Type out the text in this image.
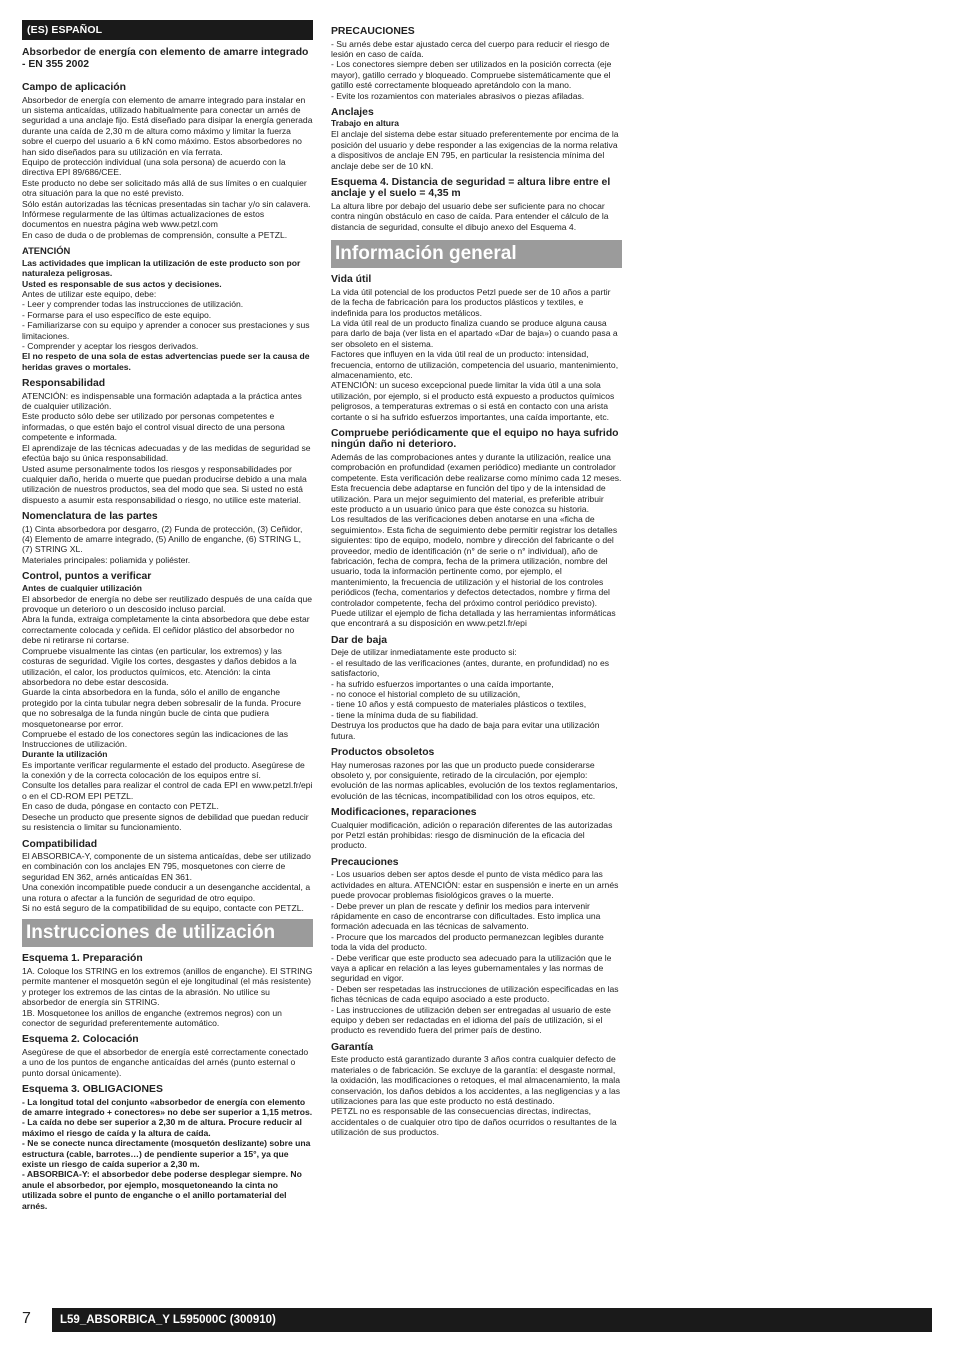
(ES) ESPAÑOL
Absorbedor de energía con elemento de amarre integrado - EN 355 2002
Campo de aplicación

Absorbedor de energía con elemento de amarre integrado para instalar en un sistema anticaídas, utilizado habitualmente para conectar un arnés de seguridad a una anclaje fijo. Está diseñado para disipar la energía generada durante una caída de 2,30 m de altura como máximo y limitar la fuerza sobre el cuerpo del usuario a 6 kN como máximo. Estos absorbedores no han sido diseñados para su utilización en vía ferrata.

Equipo de protección individual (una sola persona) de acuerdo con la directiva EPI 89/686/CEE.

Este producto no debe ser solicitado más allá de sus límites o en cualquier otra situación para la que no esté previsto.

Sólo están autorizadas las técnicas presentadas sin tachar y/o sin calavera. Infórmese regularmente de las últimas actualizaciones de estos documentos en nuestra página web www.petzl.com

En caso de duda o de problemas de comprensión, consulte a PETZL.

ATENCIÓN

Las actividades que implican la utilización de este producto son por naturaleza peligrosas.

Usted es responsable de sus actos y decisiones.

Antes de utilizar este equipo, debe:

- Leer y comprender todas las instrucciones de utilización.

- Formarse para el uso específico de este equipo.

- Familiarizarse con su equipo y aprender a conocer sus prestaciones y sus limitaciones.

- Comprender y aceptar los riesgos derivados.

El no respeto de una sola de estas advertencias puede ser la causa de heridas graves o mortales.

Responsabilidad

ATENCIÓN: es indispensable una formación adaptada a la práctica antes de cualquier utilización.

Este producto sólo debe ser utilizado por personas competentes e informadas, o que estén bajo el control visual directo de una persona competente e informada.

El aprendizaje de las técnicas adecuadas y de las medidas de seguridad se efectúa bajo su única responsabilidad.

Usted asume personalmente todos los riesgos y responsabilidades por cualquier daño, herida o muerte que puedan producirse debido a una mala utilización de nuestros productos, sea del modo que sea. Si usted no está dispuesto a asumir esta responsabilidad o riesgo, no utilice este material.

Nomenclatura de las partes

(1) Cinta absorbedora por desgarro, (2) Funda de protección, (3) Ceñidor, (4) Elemento de amarre integrado, (5) Anillo de enganche, (6) STRING L, (7) STRING XL.

Materiales principales: poliamida y poliéster.

Control, puntos a verificar
Antes de cualquier utilización

El absorbedor de energía no debe ser reutilizado después de una caída que provoque un deterioro o un descosido incluso parcial.

Abra la funda, extraiga completamente la cinta absorbedora que debe estar correctamente colocada y ceñida. El ceñidor plástico del absorbedor no debe ni retirarse ni cortarse.

Compruebe visualmente las cintas (en particular, los extremos) y las costuras de seguridad. Vigile los cortes, desgastes y daños debidos a la utilización, el calor, los productos químicos, etc. Atención: la cinta absorbedora no debe estar descosida.

Guarde la cinta absorbedora en la funda, sólo el anillo de enganche protegido por la cinta tubular negra deben sobresalir de la funda. Procure que no sobresalga de la funda ningún bucle de cinta que pudiera mosquetonearse por error.

Compruebe el estado de los conectores según las indicaciones de las Instrucciones de utilización.

Durante la utilización

Es importante verificar regularmente el estado del producto. Asegúrese de la conexión y de la correcta colocación de los equipos entre sí.

Consulte los detalles para realizar el control de cada EPI en www.petzl.fr/epi o en el CD-ROM EPI PETZL.

En caso de duda, póngase en contacto con PETZL.

Deseche un producto que presente signos de debilidad que puedan reducir su resistencia o limitar su funcionamiento.

Compatibilidad

El ABSORBICA-Y, componente de un sistema anticaídas, debe ser utilizado en combinación con los anclajes EN 795, mosquetones con cierre de seguridad EN 362, arnés anticaídas EN 361.

Una conexión incompatible puede conducir a un desenganche accidental, a una rotura o afectar a la función de seguridad de otro equipo.

Si no está seguro de la compatibilidad de su equipo, contacte con PETZL.

Instrucciones de utilización
Esquema 1. Preparación

1A. Coloque los STRING en los extremos (anillos de enganche). El STRING permite mantener el mosquetón según el eje longitudinal (el más resistente) y proteger los extremos de las cintas de la abrasión. No utilice su absorbedor de energía sin STRING.

1B. Mosquetonee los anillos de enganche (extremos negros) con un conector de seguridad preferentemente automático.

Esquema 2. Colocación

Asegúrese de que el absorbedor de energía esté correctamente conectado a uno de los puntos de enganche anticaídas del arnés (punto esternal o punto dorsal únicamente).

Esquema 3. OBLIGACIONES

- La longitud total del conjunto «absorbedor de energía con elemento de amarre integrado + conectores» no debe ser superior a 1,15 metros.

- La caída no debe ser superior a 2,30 m de altura. Procure reducir al máximo el riesgo de caída y la altura de caída.

- Ne se conecte nunca directamente (mosquetón deslizante) sobre una estructura (cable, barrotes…) de pendiente superior a 15°, ya que existe un riesgo de caída superior a 2,30 m.

- ABSORBICA-Y: el absorbedor debe poderse desplegar siempre. No anule el absorbedor, por ejemplo, mosquetoneando la cinta no utilizada sobre el punto de enganche o el anillo portamaterial del arnés.

PRECAUCIONES

- Su arnés debe estar ajustado cerca del cuerpo para reducir el riesgo de lesión en caso de caída.

- Los conectores siempre deben ser utilizados en la posición correcta (eje mayor), gatillo cerrado y bloqueado. Compruebe sistemáticamente que el gatillo esté correctamente bloqueado apretándolo con la mano.

- Evite los rozamientos con materiales abrasivos o piezas afiladas.

Anclajes
Trabajo en altura

El anclaje del sistema debe estar situado preferentemente por encima de la posición del usuario y debe responder a las exigencias de la norma relativa a dispositivos de anclaje EN 795, en particular la resistencia mínima del anclaje debe ser de 10 kN.

Esquema 4. Distancia de seguridad = altura libre entre el anclaje y el suelo = 4,35 m

La altura libre por debajo del usuario debe ser suficiente para no chocar contra ningún obstáculo en caso de caída. Para entender el cálculo de la distancia de seguridad, consulte el dibujo anexo del Esquema 4.

Información general
Vida útil

La vida útil potencial de los productos Petzl puede ser de 10 años a partir de la fecha de fabricación para los productos plásticos y textiles, e indefinida para los productos metálicos.

La vida útil real de un producto finaliza cuando se produce alguna causa para darlo de baja (ver lista en el apartado «Dar de baja») o cuando pasa a ser obsoleto en el sistema.

Factores que influyen en la vida útil real de un producto: intensidad, frecuencia, entorno de utilización, competencia del usuario, mantenimiento, almacenamiento, etc.

ATENCIÓN: un suceso excepcional puede limitar la vida útil a una sola utilización, por ejemplo, si el producto está expuesto a productos químicos peligrosos, a temperaturas extremas o si está en contacto con una arista cortante o si ha sufrido esfuerzos importantes, una caída importante, etc.

Compruebe periódicamente que el equipo no haya sufrido ningún daño ni deterioro.

Además de las comprobaciones antes y durante la utilización, realice una comprobación en profundidad (examen periódico) mediante un controlador competente. Esta verificación debe realizarse como mínimo cada 12 meses. Esta frecuencia debe adaptarse en función del tipo y de la intensidad de utilización. Para un mejor seguimiento del material, es preferible atribuir este producto a un usuario único para que éste conozca su historia.

Los resultados de las verificaciones deben anotarse en una «ficha de seguimiento». Esta ficha de seguimiento debe permitir registrar los detalles siguientes: tipo de equipo, modelo, nombre y dirección del fabricante o del proveedor, medio de identificación (n° de serie o n° individual), año de fabricación, fecha de compra, fecha de la primera utilización, nombre del usuario, toda la información pertinente como, por ejemplo, el mantenimiento, la frecuencia de utilización y el historial de los controles periódicos (fecha, comentarios y defectos detectados, nombre y firma del controlador competente, fecha del próximo control periódico previsto). Puede utilizar el ejemplo de ficha detallada y las herramientas informáticas que encontrará a su disposición en www.petzl.fr/epi

Dar de baja

Deje de utilizar inmediatamente este producto si:

- el resultado de las verificaciones (antes, durante, en profundidad) no es satisfactorio,

- ha sufrido esfuerzos importantes o una caída importante,

- no conoce el historial completo de su utilización,

- tiene 10 años y está compuesto de materiales plásticos o textiles,

- tiene la mínima duda de su fiabilidad.

Destruya los productos que ha dado de baja para evitar una utilización futura.

Productos obsoletos

Hay numerosas razones por las que un producto puede considerarse obsoleto y, por consiguiente, retirado de la circulación, por ejemplo: evolución de las normas aplicables, evolución de los textos reglamentarios, evolución de las técnicas, incompatibilidad con los otros equipos, etc.

Modificaciones, reparaciones

Cualquier modificación, adición o reparación diferentes de las autorizadas por Petzl están prohibidas: riesgo de disminución de la eficacia del producto.

Precauciones

- Los usuarios deben ser aptos desde el punto de vista médico para las actividades en altura. ATENCIÓN: estar en suspensión e inerte en un arnés puede provocar problemas fisiológicos graves o la muerte.

- Debe prever un plan de rescate y definir los medios para intervenir rápidamente en caso de encontrarse con dificultades. Esto implica una formación adecuada en las técnicas de salvamento.

- Procure que los marcados del producto permanezcan legibles durante toda la vida del producto.

- Debe verificar que este producto sea adecuado para la utilización que le vaya a aplicar en relación a las leyes gubernamentales y las normas de seguridad en vigor.

- Deben ser respetadas las instrucciones de utilización especificadas en las fichas técnicas de cada equipo asociado a este producto.

- Las instrucciones de utilización deben ser entregadas al usuario de este equipo y deben ser redactadas en el idioma del país de utilización, si el producto es revendido fuera del primer país de destino.

Garantía

Este producto está garantizado durante 3 años contra cualquier defecto de materiales o de fabricación. Se excluye de la garantía: el desgaste normal, la oxidación, las modificaciones o retoques, el mal almacenamiento, la mala conservación, los daños debidos a los accidentes, a las negligencias y a las utilizaciones para las que este producto no está destinado.

PETZL no es responsable de las consecuencias directas, indirectas, accidentales o de cualquier otro tipo de daños ocurridos o resultantes de la utilización de sus productos.

7	L59_ABSORBICA_Y L595000C (300910)
